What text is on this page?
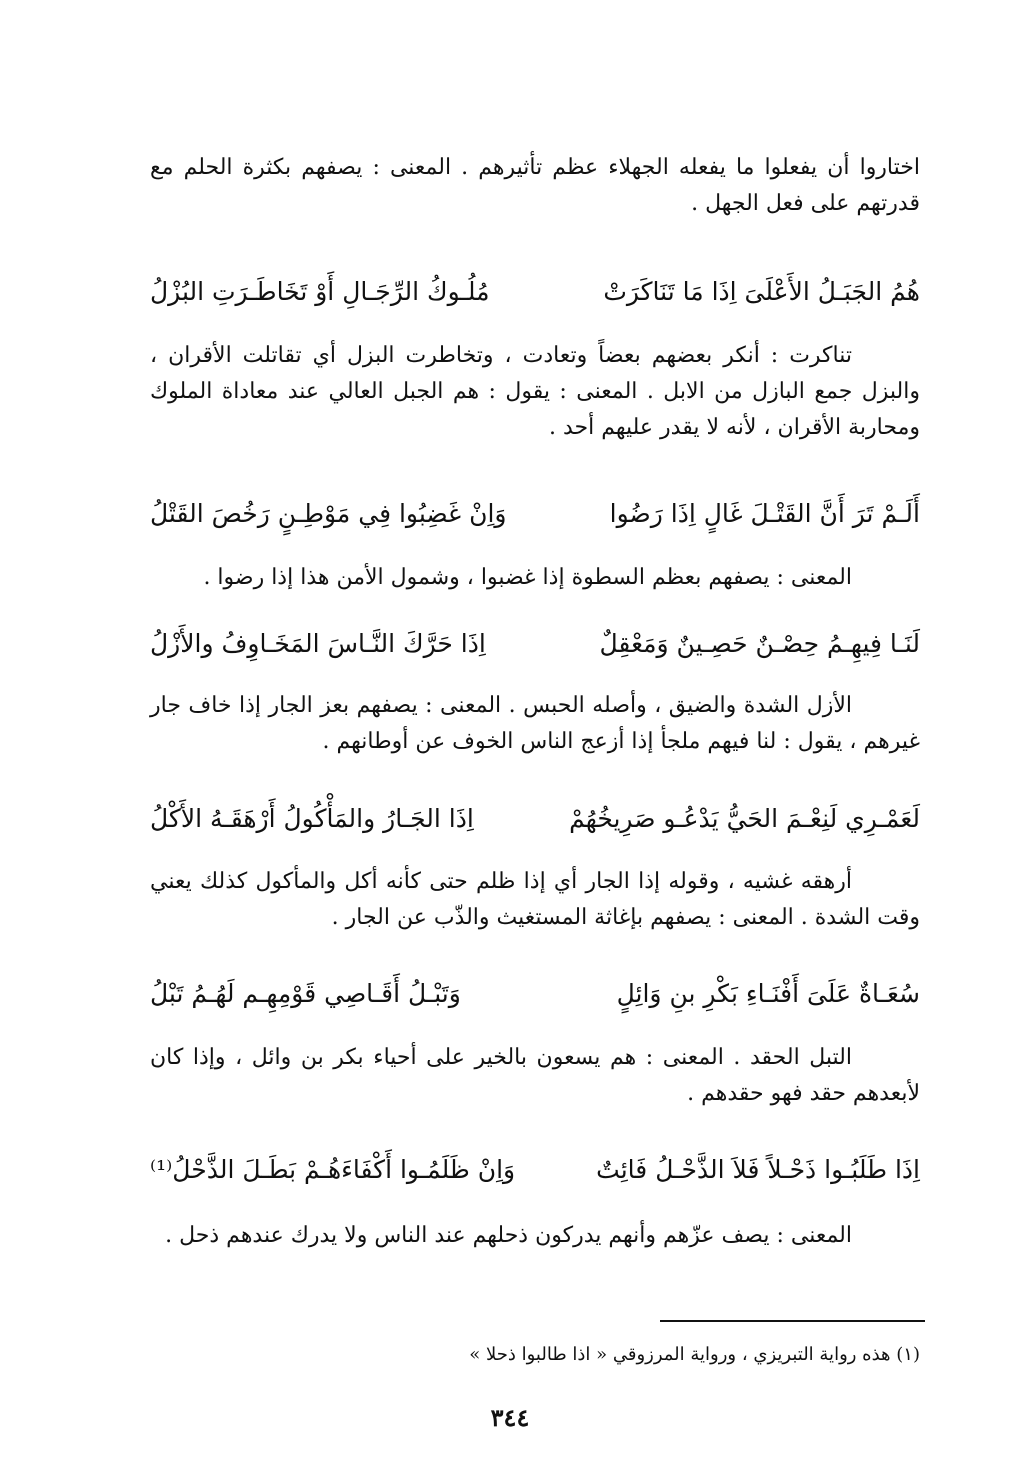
اختاروا أن يفعلوا ما يفعله الجهلاء عظم تأثيرهم . المعنى : يصفهم بكثرة الحلم مع قدرتهم على فعل الجهل .

هُمُ الجَبَـلُ الأَعْلَىَ اِذَا مَا تَنَاكَرَتْ
مُلُـوكُ الرِّجَـالِ أَوْ تَخَاطَـرَتِ البُزْلُ

تناكرت : أنكر بعضهم بعضاً وتعادت ، وتخاطرت البزل أي تقاتلت الأقران ، والبزل جمع البازل من الابل . المعنى : يقول : هم الجبل العالي عند معاداة الملوك ومحاربة الأقران ، لأنه لا يقدر عليهم أحد .

أَلَـمْ تَرَ أَنَّ القَتْـلَ غَالٍ اِذَا رَضُوا
وَاِنْ غَضِبُوا فِي مَوْطِـنٍ رَخُصَ القَتْلُ

المعنى : يصفهم بعظم السطوة إذا غضبوا ، وشمول الأمن هذا إذا رضوا .

لَنَـا فِيهِـمُ حِصْـنٌ حَصِـينٌ وَمَعْقِلٌ
اِذَا حَرَّكَ النَّـاسَ المَخَـاوِفُ والأَزْلُ

الأزل الشدة والضيق ، وأصله الحبس . المعنى : يصفهم بعز الجار إذا خاف جار غيرهم ، يقول : لنا فيهم ملجأ إذا أزعج الناس الخوف عن أوطانهم .

لَعَمْـرِي لَنِعْـمَ الحَيُّ يَدْعُـو صَرِيخُهُمْ
اِذَا الجَـارُ والمَأْكُولُ أَرْهَقَـهُ الأَكْلُ

أرهقه غشيه ، وقوله إذا الجار أي إذا ظلم حتى كأنه أكل والمأكول كذلك يعني وقت الشدة . المعنى : يصفهم بإغاثة المستغيث والذّب عن الجار .

سُعَـاةٌ عَلَىَ أَفْنَـاءِ بَكْرِ بنِ وَائِلٍ
وَتَبْـلُ أَقَـاصِي قَوْمِهِـم لَهُـمُ تَبْلُ

التبل الحقد . المعنى : هم يسعون بالخير على أحياء بكر بن وائل ، وإذا كان لأبعدهم حقد فهو حقدهم .

اِذَا طَلَبُـوا ذَحْـلاً فَلاَ الذَّحْـلُ فَائِتٌ
وَاِنْ ظَلَمُـوا أَكْفَاءَهُـمْ بَطَـلَ الذَّحْلُ⁽¹⁾

المعنى : يصف عزّهم وأنهم يدركون ذحلهم عند الناس ولا يدرك عندهم ذحل .

(١) هذه رواية التبريزي ، ورواية المرزوقي « اذا طالبوا ذحلا »
٣٤٤
